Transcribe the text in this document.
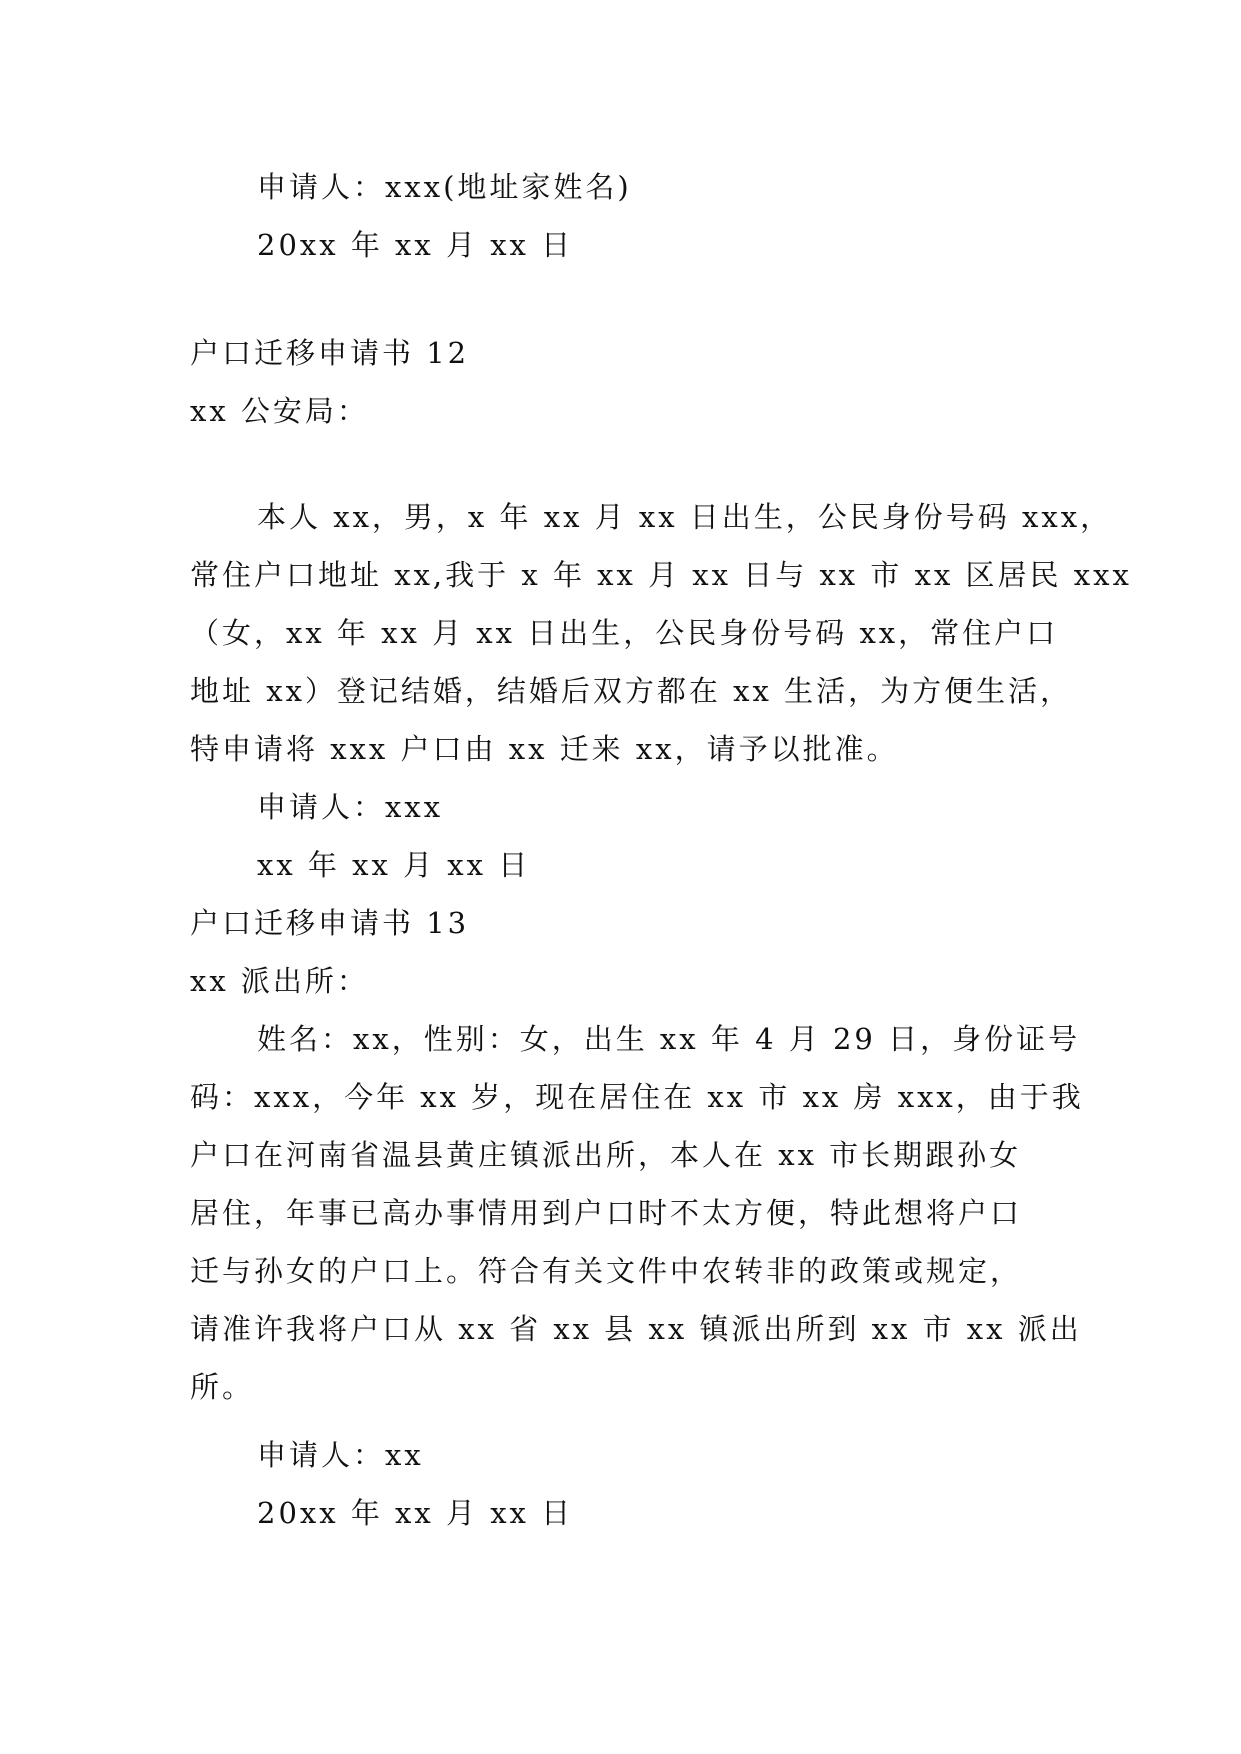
申请人：xxx(地址家姓名)
20xx 年 xx 月 xx 日
户口迁移申请书 12
xx 公安局：
本人 xx，男，x 年 xx 月 xx 日出生，公民身份号码 xxx，
常住户口地址 xx,我于 x 年 xx 月 xx 日与 xx 市 xx 区居民 xxx
（女，xx 年 xx 月 xx 日出生，公民身份号码 xx，常住户口
地址 xx）登记结婚，结婚后双方都在 xx 生活，为方便生活，
特申请将 xxx 户口由 xx 迁来 xx，请予以批准。
申请人：xxx
xx 年 xx 月 xx 日
户口迁移申请书 13
xx 派出所：
姓名：xx，性别：女，出生 xx 年 4 月 29 日，身份证号
码：xxx，今年 xx 岁，现在居住在 xx 市 xx 房 xxx，由于我
户口在河南省温县黄庄镇派出所，本人在 xx 市长期跟孙女
居住，年事已高办事情用到户口时不太方便，特此想将户口
迁与孙女的户口上。符合有关文件中农转非的政策或规定，
请准许我将户口从 xx 省 xx 县 xx 镇派出所到 xx 市 xx 派出
所。
申请人：xx
20xx 年 xx 月 xx 日
